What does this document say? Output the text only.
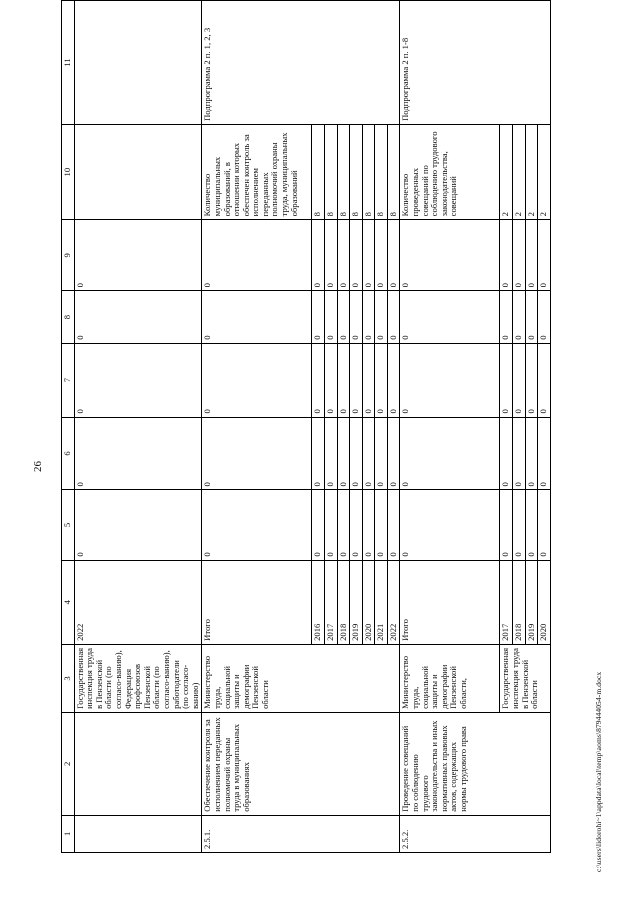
26
1	2	3	4	5	6	7	8	9	10	11
		Государственная инспекция труда в Пензенской области (по согласо-ванию), Федерация профсоюзов Пензенской области (по согласо-ванию), работодатели (по согласо-ванию)	2022	0	0	0	0	0		
2.5.1.	Обеспечение контроля за исполнением переданных полномочий охраны труда в муниципальных образованиях	Министерство труда, социальной защиты и демографии Пензенской области	Итого	0	0	0	0	0	Количество муниципальных образований, в отношении которых обеспечен контроль за исполнением переданных полномочий охраны труда, муниципальных образований	Подпрограмма 2 п. 1, 2, 3
			2016	0	0	0	0	0	8	
			2017	0	0	0	0	0	8	
			2018	0	0	0	0	0	8	
			2019	0	0	0	0	0	8	
			2020	0	0	0	0	0	8	
			2021	0	0	0	0	0	8	
			2022	0	0	0	0	0	8	
2.5.2.	Проведение совещаний по соблюдению трудового законодательства и иных нормативных правовых актов, содержащих нормы трудового права	Министерство труда, социальной защиты и демографии Пензенской области,	Итого	0	0	0	0	0	Количество проведенных совещаний по соблюдению трудового законодательства, совещаний	Подпрограмма 2 п. 1-8
		Государственная инспекция труда в Пензенской области	2017	0	0	0	0	0	2	
			2018	0	0	0	0	0	2	
			2019	0	0	0	0	0	2	
			2020	0	0	0	0	0	2	
c:\users\lidorohi~1\appdata\local\temp\aoms\879444054-m.docx
